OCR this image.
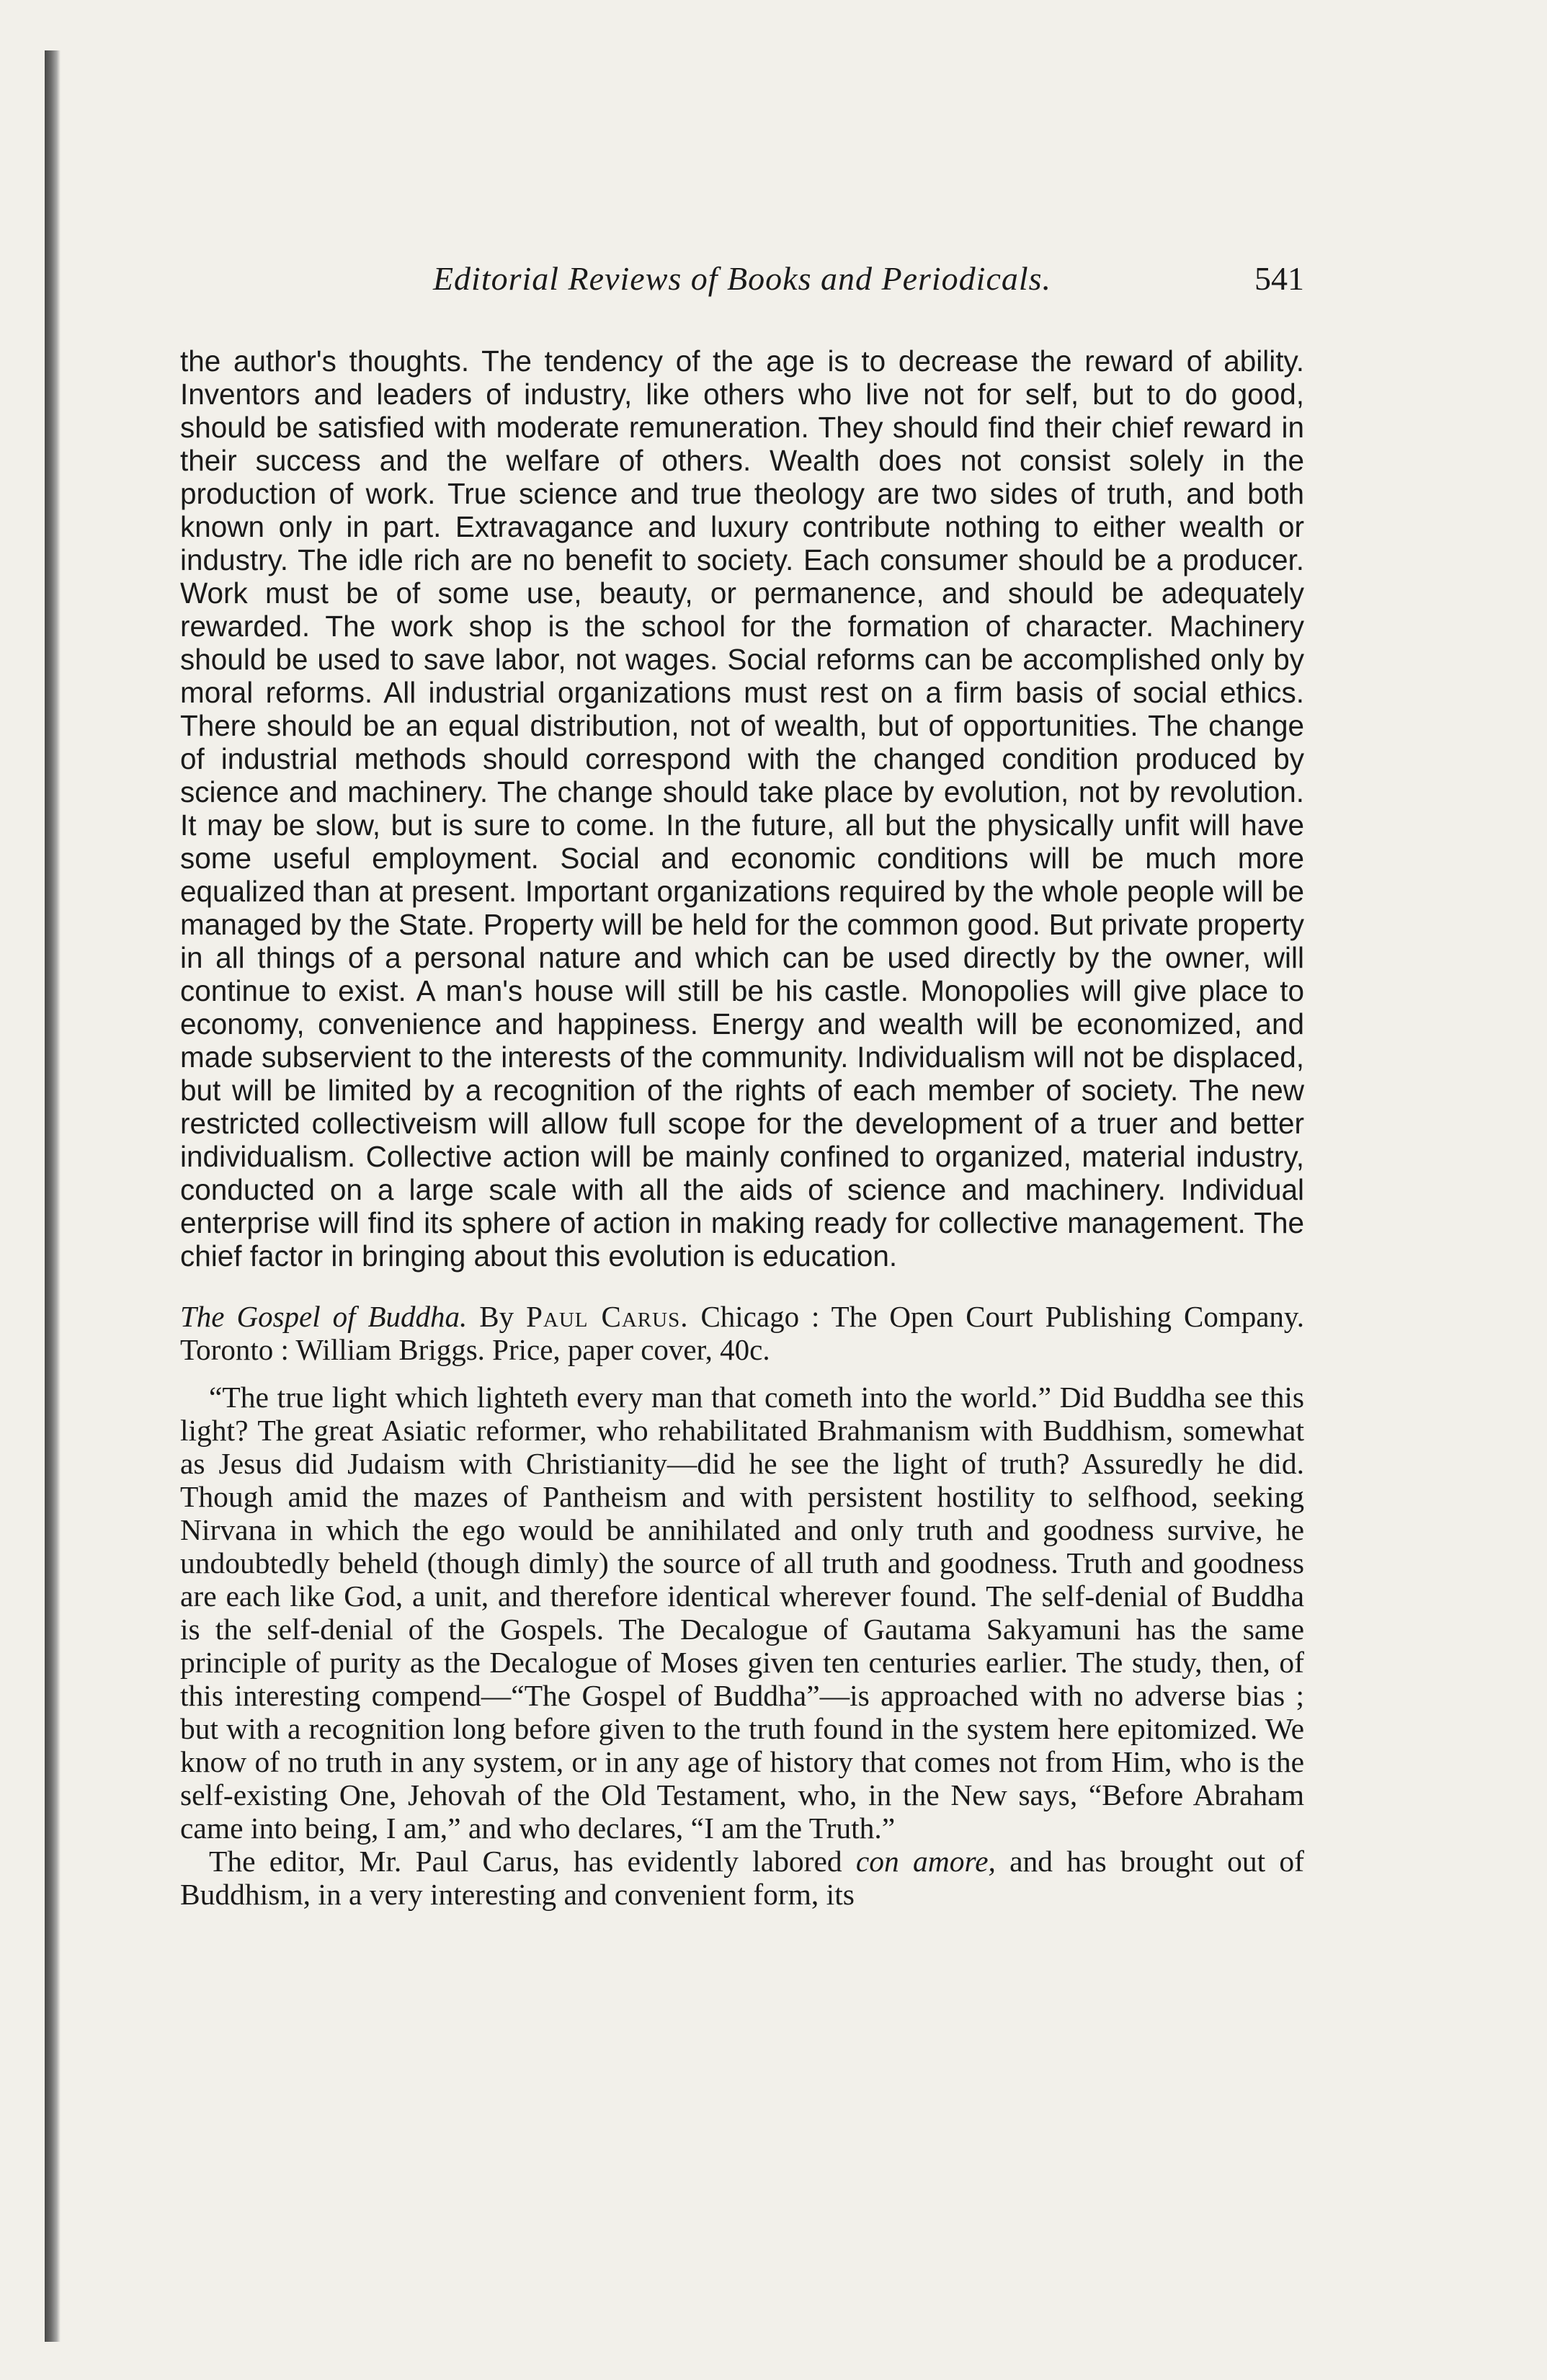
Editorial Reviews of Books and Periodicals.	541

the author's thoughts. The tendency of the age is to decrease the reward of ability. Inventors and leaders of industry, like others who live not for self, but to do good, should be satisfied with moderate remuneration. They should find their chief reward in their success and the welfare of others. Wealth does not consist solely in the production of work. True science and true theology are two sides of truth, and both known only in part. Extravagance and luxury contribute nothing to either wealth or industry. The idle rich are no benefit to society. Each consumer should be a producer. Work must be of some use, beauty, or permanence, and should be adequately rewarded. The work shop is the school for the formation of character. Machinery should be used to save labor, not wages. Social reforms can be accomplished only by moral reforms. All industrial organizations must rest on a firm basis of social ethics. There should be an equal distribution, not of wealth, but of opportunities. The change of industrial methods should correspond with the changed condition produced by science and machinery. The change should take place by evolution, not by revolution. It may be slow, but is sure to come. In the future, all but the physically unfit will have some useful employment. Social and economic conditions will be much more equalized than at present. Important organizations required by the whole people will be managed by the State. Property will be held for the common good. But private property in all things of a personal nature and which can be used directly by the owner, will continue to exist. A man's house will still be his castle. Monopolies will give place to economy, convenience and happiness. Energy and wealth will be economized, and made subservient to the interests of the community. Individualism will not be displaced, but will be limited by a recognition of the rights of each member of society. The new restricted collectiveism will allow full scope for the development of a truer and better individualism. Collective action will be mainly confined to organized, material industry, conducted on a large scale with all the aids of science and machinery. Individual enterprise will find its sphere of action in making ready for collective management. The chief factor in bringing about this evolution is education.

The Gospel of Buddha. By Paul Carus. Chicago : The Open Court Publishing Company. Toronto : William Briggs. Price, paper cover, 40c.

“The true light which lighteth every man that cometh into the world.” Did Buddha see this light? The great Asiatic reformer, who rehabilitated Brahmanism with Buddhism, somewhat as Jesus did Judaism with Christianity—did he see the light of truth? Assuredly he did. Though amid the mazes of Pantheism and with persistent hostility to selfhood, seeking Nirvana in which the ego would be annihilated and only truth and goodness survive, he undoubtedly beheld (though dimly) the source of all truth and goodness. Truth and goodness are each like God, a unit, and therefore identical wherever found. The self-denial of Buddha is the self-denial of the Gospels. The Decalogue of Gautama Sakyamuni has the same principle of purity as the Decalogue of Moses given ten centuries earlier. The study, then, of this interesting compend—“The Gospel of Buddha”—is approached with no adverse bias ; but with a recognition long before given to the truth found in the system here epitomized. We know of no truth in any system, or in any age of history that comes not from Him, who is the self-existing One, Jehovah of the Old Testament, who, in the New says, “Before Abraham came into being, I am,” and who declares, “I am the Truth.”

The editor, Mr. Paul Carus, has evidently labored con amore, and has brought out of Buddhism, in a very interesting and convenient form, its
